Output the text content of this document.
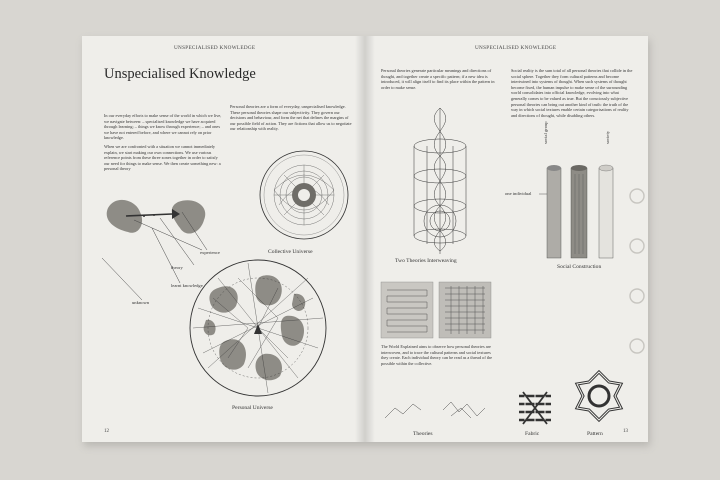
UNSPECIALISED KNOWLEDGE
Unspecialised Knowledge

In our everyday efforts to make sense of the world in which we live, we navigate between: – specialised knowledge we have acquired through learning; – things we know through experience; – and ones we have not entered before, and where we cannot rely on prior knowledge.

When we are confronted with a situation we cannot immediately explain, we start making our own connections. We use various reference points from these three zones together in order to satisfy our need for things to make sense. We then create something new: a personal theory

Personal theories are a form of everyday, unspecialised knowledge. These personal theories shape our subjectivity. They govern our decisions and behaviour, and form the net that defines the margins of our possible field of action. They are fictions that allow us to negotiate our relationship with reality.

experience
theory
learnt knowledge
unknown
Collective Universe
Personal Universe
12
UNSPECIALISED KNOWLEDGE

Personal theories generate particular meanings and directions of thought, and together create a specific pattern; if a new idea is introduced, it will align itself to find its place within the pattern in order to make sense.

Social reality is the sum total of all personal theories that collide in the social sphere. Together they form cultural patterns and become intertwined into systems of thought. When such systems of thought become fixed, the human impulse to make sense of the surrounding world consolidates into official knowledge, evolving into what generally comes to be valued as true. But the consciously subjective personal theories can bring out another kind of truth: the truth of the way in which social textures enable certain categorisations of reality and directions of thought, while disabling others.

Two Theories Interweaving
one individual
social group	society
Social Construction

The World Explained aims to observe how personal theories are interwoven, and to trace the cultural patterns and social textures they create. Each individual theory can be read as a thread of the possible within the collective.

Theories	Fabric	Pattern	13
